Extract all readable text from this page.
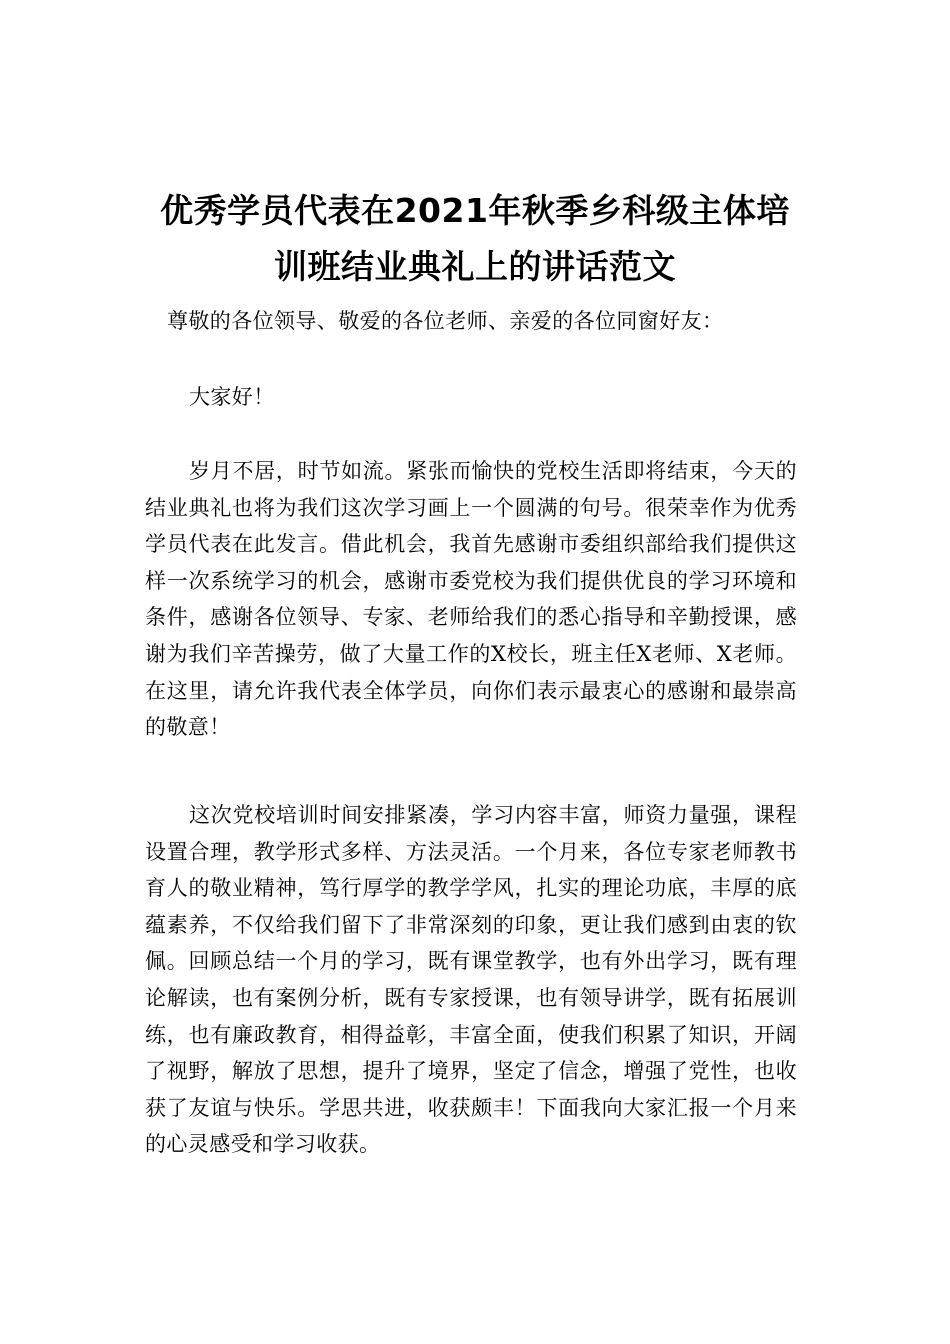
优秀学员代表在2021年秋季乡科级主体培
训班结业典礼上的讲话范文

尊敬的各位领导、敬爱的各位老师、亲爱的各位同窗好友：

大家好！

岁月不居，时节如流。紧张而愉快的党校生活即将结束，今天的结业典礼也将为我们这次学习画上一个圆满的句号。很荣幸作为优秀学员代表在此发言。借此机会，我首先感谢市委组织部给我们提供这样一次系统学习的机会，感谢市委党校为我们提供优良的学习环境和条件，感谢各位领导、专家、老师给我们的悉心指导和辛勤授课，感谢为我们辛苦操劳，做了大量工作的X校长，班主任X老师、X老师。在这里，请允许我代表全体学员，向你们表示最衷心的感谢和最崇高的敬意！

这次党校培训时间安排紧凑，学习内容丰富，师资力量强，课程设置合理，教学形式多样、方法灵活。一个月来，各位专家老师教书育人的敬业精神，笃行厚学的教学学风，扎实的理论功底，丰厚的底蕴素养，不仅给我们留下了非常深刻的印象，更让我们感到由衷的钦佩。回顾总结一个月的学习，既有课堂教学，也有外出学习，既有理论解读，也有案例分析，既有专家授课，也有领导讲学，既有拓展训练，也有廉政教育，相得益彰，丰富全面，使我们积累了知识，开阔了视野，解放了思想，提升了境界，坚定了信念，增强了党性，也收获了友谊与快乐。学思共进，收获颇丰！下面我向大家汇报一个月来的心灵感受和学习收获。
